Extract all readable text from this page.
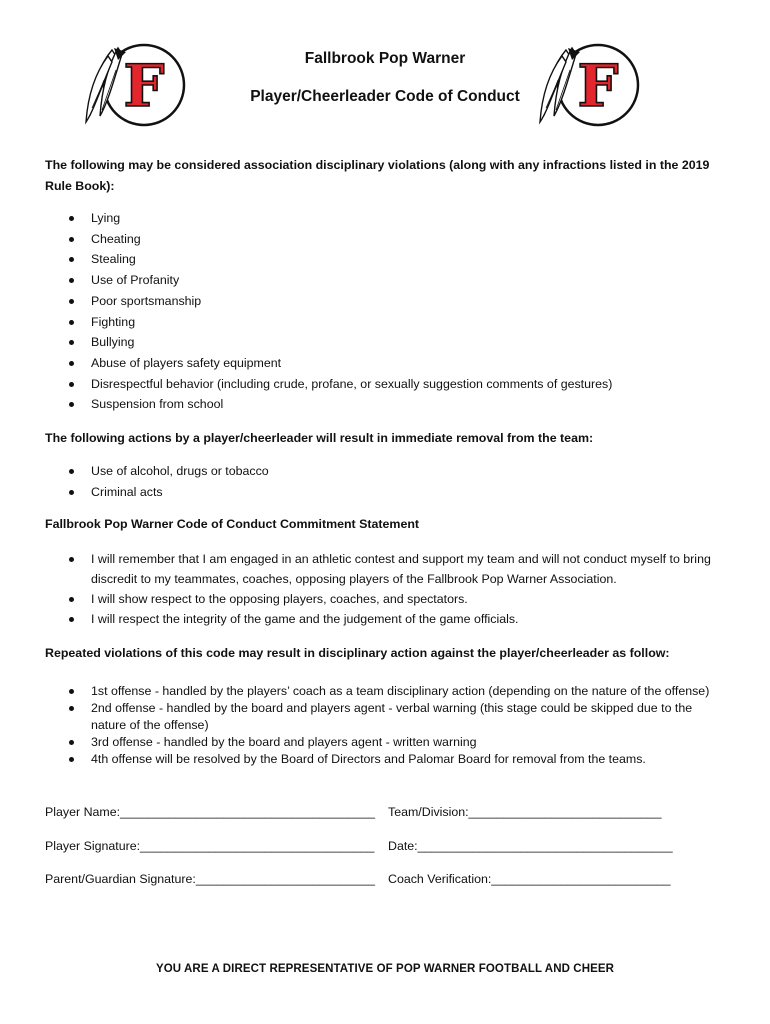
F	F
Fallbrook Pop Warner
Player/Cheerleader Code of Conduct
The following may be considered association disciplinary violations (along with any infractions listed in the 2019 Rule Book):
Lying
Cheating
Stealing
Use of Profanity
Poor sportsmanship
Fighting
Bullying
Abuse of players safety equipment
Disrespectful behavior (including crude, profane, or sexually suggestion comments of gestures)
Suspension from school
The following actions by a player/cheerleader will result in immediate removal from the team:
Use of alcohol, drugs or tobacco
Criminal acts
Fallbrook Pop Warner Code of Conduct Commitment Statement
I will remember that I am engaged in an athletic contest and support my team and will not conduct myself to bring discredit to my teammates, coaches, opposing players of the Fallbrook Pop Warner Association.
I will show respect to the opposing players, coaches, and spectators.
I will respect the integrity of the game and the judgement of the game officials.
Repeated violations of this code may result in disciplinary action against the player/cheerleader as follow:
1st offense - handled by the players’ coach as a team disciplinary action (depending on the nature of the offense)
2nd offense - handled by the board and players agent - verbal warning (this stage could be skipped due to the nature of the offense)
3rd offense - handled by the board and players agent - written warning
4th offense will be resolved by the Board of Directors and Palomar Board for removal from the teams.
Player Name:_____________________________________ Team/Division:____________________________
Player Signature:__________________________________ Date:_____________________________________
Parent/Guardian Signature:__________________________ Coach Verification:__________________________
YOU ARE A DIRECT REPRESENTATIVE OF POP WARNER FOOTBALL AND CHEER
